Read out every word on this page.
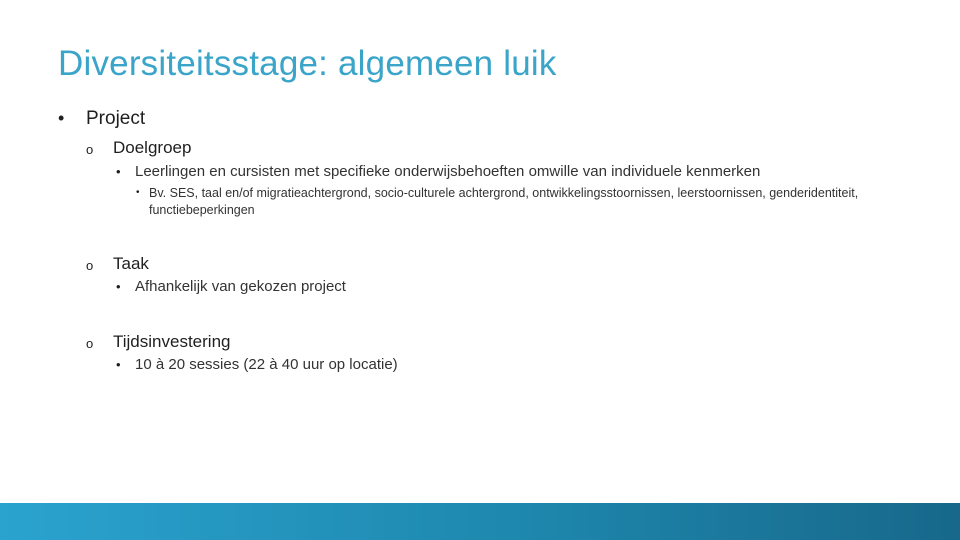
Diversiteitsstage: algemeen luik
• Project
o Doelgroep
• Leerlingen en cursisten met specifieke onderwijsbehoeften omwille van individuele kenmerken
• Bv. SES, taal en/of migratieachtergrond, socio-culturele achtergrond, ontwikkelingsstoornissen, leerstoornissen, genderidentiteit, functiebeperkingen
o Taak
• Afhankelijk van gekozen project
o Tijdsinvestering
• 10 à 20 sessies (22 à 40 uur op locatie)
